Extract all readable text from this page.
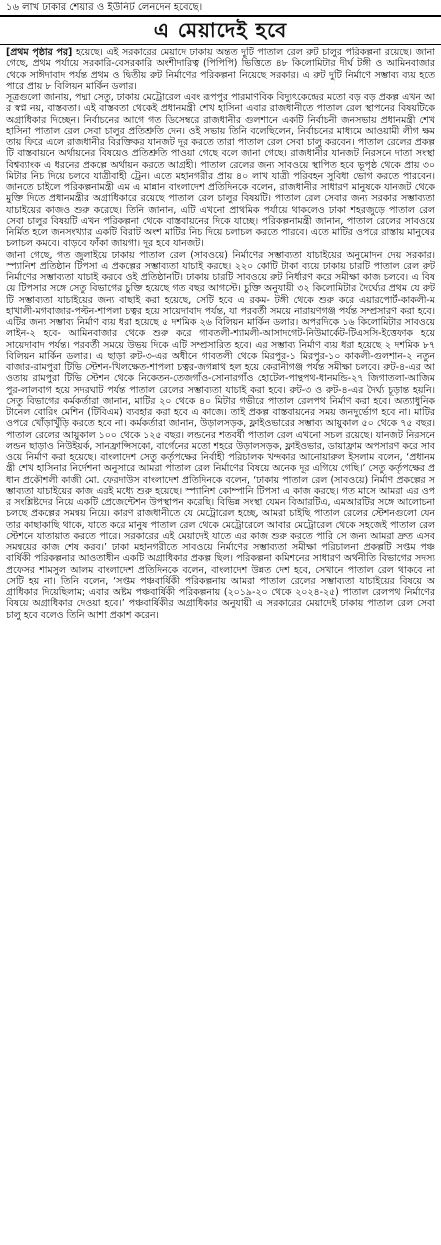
১৬ লাখ ঢাকার শেয়ার ও ইউনিট লেনদেন হবেছে।
এ মেয়াদেই হবে

[প্রথম পৃষ্ঠার পর] হয়েছে। এই সরকারের মেয়াদে ঢাকায় অন্তত দুটি পাতাল রেল রুট চালুর পরিকল্পনা রয়েছে। জানা গেছে, প্রথম পর্যায়ে সরকারি-বেসরকারি অংশীদারিত্ব (পিপিপি) ভিত্তিতে ৪৮ কিলোমিটার দীর্ঘ টঙ্গী ও আমিনবাজার থেকে সাঈদাবাদ পর্যন্ত প্রথম ও দ্বিতীয় রুট নির্মাণের পরিকল্পনা নিয়েছে সরকার। এ রুট দুটি নির্মাণে সম্ভাব্য ব্যয় হতে পারে প্রায় ৮ বিলিয়ন মার্কিন ডলার।

সূত্রগুলো জানায়, পদ্মা সেতু, ঢাকায় মেট্রোরেল এবং রূপপুর পারমাণবিক বিদ্যুৎকেন্দ্রের মতো বড় বড় প্রকল্প এখন আর স্বপ্ন নয়, বাস্তবতা। এই বাস্তবতা থেকেই প্রধানমন্ত্রী শেখ হাসিনা এবার রাজধানীতে পাতাল রেল স্থাপনের বিষয়টিকে অগ্রাধিকার দিচ্ছেন। নির্বাচনের আগে গত ডিসেম্বরে রাজধানীর গুলশানে একটি নির্বাচনী জনসভায় প্রধানমন্ত্রী শেখ হাসিনা পাতাল রেল সেবা চালুর প্রতিশ্রুতি দেন। ওই সভায় তিনি বলেছিলেন, নির্বাচনের মাধ্যমে আওয়ামী লীগ ক্ষমতায় ফিরে এলে রাজধানীর বিরক্তিকর যানজট দূর করতে তারা পাতাল রেল সেবা চালু করবেন। পাতাল রেলের প্রকল্পটি বাস্তবায়নে অর্থায়নের বিষয়েও প্রতিশ্রুতি পাওয়া গেছে বলে জানা গেছে। রাজধানীর যানজট নিরসনে দাতা সংস্থা বিশ্বব্যাংক এ ধরনের প্রকল্পে অর্থায়ন করতে আগ্রহী। পাতাল রেলের জন্য সাবওয়ে স্থাপিত হবে ভূপৃষ্ঠ থেকে প্রায় ৩০ মিটার নিচ দিয়ে চলবে যাত্রীবাহী ট্রেন। এতে মহানগরীর প্রায় ৪০ লাখ যাত্রী পরিবহন সুবিধা ভোগ করতে পারবেন। জানতে চাইলে পরিকল্পনামন্ত্রী এম এ মান্নান বাংলাদেশ প্রতিদিনকে বলেন, রাজধানীর সাধারণ মানুষকে যানজট থেকে মুক্তি দিতে প্রধানমন্ত্রীর অগ্রাধিকারে রয়েছে পাতাল রেল চালুর বিষয়টি। পাতাল রেল সেবার জন্য সরকার সম্ভাব্যতা যাচাইয়ের কাজও শুরু করেছে। তিনি জানান, এটি এখনো প্রাথমিক পর্যায়ে থাকলেও ঢাকা শহরজুড়ে পাতাল রেল সেবা চালুর বিষয়টি এখন পরিকল্পনা থেকে বাস্তবায়নের দিকে যাচ্ছে। পরিকল্পনামন্ত্রী জানান, পাতাল রেলের সাবওয়ে নির্মিত হলে জনসংখ্যার একটি বিরাট অংশ মাটির নিচ দিয়ে চলাচল করতে পারবে। এতে মাটির ওপরে রাস্তায় মানুষের চলাচল কমবে। বাড়বে ফাঁকা জায়গা। দূর হবে যানজট।

জানা গেছে, গত জুলাইয়ে ঢাকায় পাতাল রেল (সাবওয়ে) নির্মাণের সম্ভাব্যতা যাচাইয়ের অনুমোদন দেয় সরকার। স্প্যানিশ প্রতিষ্ঠান টিপসা এ প্রকল্পের সম্ভাব্যতা যাচাই করছে। ২২০ কোটি টাকা ব্যয়ে ঢাকায় চারটি পাতাল রেল রুট নির্মাণের সম্ভাব্যতা যাচাই করবে ওই প্রতিষ্ঠানটি। ঢাকায় চারটি সাবওয়ে রুট নির্ধারণ করে সমীক্ষা কাজ চলবে। এ বিষয়ে টিপসার সঙ্গে সেতু বিভাগের চুক্তি হয়েছে গত বছর আগস্টে। চুক্তি অনুযায়ী ৩২ কিলোমিটার দৈর্ঘ্যের প্রথম যে রুটটি সম্ভাব্যতা যাচাইয়ের জন্য বাছাই করা হয়েছে, সেটি হবে এ রকম- টঙ্গী থেকে শুরু করে এয়ারপোর্ট-কাকলী-মহাখালী-মগবাজার-পল্টন-শাপলা চত্বর হয়ে সায়েদাবাদ পর্যন্ত, যা পরবর্তী সময়ে নারায়ণগঞ্জ পর্যন্ত সম্প্রসারণ করা হবে। এটির জন্য সম্ভাব্য নির্মাণ ব্যয় ধরা হয়েছে ৫ দশমিক ২৬ বিলিয়ন মার্কিন ডলার। অপরদিকে ১৬ কিলোমিটার সাবওয়ে লাইন-২ হবে- আমিনবাজার থেকে শুরু করে গাবতলী-শ্যামলী-আসাদগেট-নিউমার্কেট-টিএসসি-ইত্তেফাক হয়ে সায়েদাবাদ পর্যন্ত। পরবর্তী সময়ে উভয় দিকে এটি সম্প্রসারিত হবে। এর সম্ভাব্য নির্মাণ ব্যয় ধরা হয়েছে ২ দশমিক ৮৭ বিলিয়ন মার্কিন ডলার। এ ছাড়া রুট-৩-এর অধীনে গাবতলী থেকে মিরপুর-১ মিরপুর-১০ কাকলী-গুলশান-২ নতুনবাজার-রামপুরা টিভি স্টেশন-খিলক্ষেত-শাপলা চত্বর-জগন্নাথ হল হয়ে কেরানীগঞ্জ পর্যন্ত সমীক্ষা চলবে। রুট-৪-এর আওতায় রামপুরা টিভি স্টেশন থেকে নিকেতন-তেজগাঁও-সোনারগাঁও হোটেল-পান্থপথ-ধানমন্ডি-২৭ জিগাতলা-আজিমপুর-লালবাগ হয়ে সদরঘাট পর্যন্ত পাতাল রেলের সম্ভাব্যতা যাচাই করা হবে। রুট-৩ ও রুট-৪-এর দৈর্ঘ্য চূড়ান্ত হয়নি। সেতু বিভাগের কর্মকর্তারা জানান, মাটির ২০ থেকে ৪০ মিটার গভীরে পাতাল রেলপথ নির্মাণ করা হবে। অত্যাধুনিক টানেল বোরিং মেশিন (টিবিএম) ব্যবহার করা হবে এ কাজে। তাই প্রকল্প বাস্তবায়নের সময় জনদুর্ভোগ হবে না। মাটির ওপরে খোঁড়াখুঁড়ি করতে হবে না। কর্মকর্তারা জানান, উড়ালসড়ক, ফ্লাইওভারের সম্ভাব্য আয়ুকাল ৫০ থেকে ৭৫ বছর। পাতাল রেলের আয়ুকাল ১০০ থেকে ১২৫ বছর। লন্ডনের শতবর্ষী পাতাল রেল এখনো সচল রয়েছে। যানজট নিরসনে লন্ডন ছাড়াও নিউইয়র্ক, সানফ্রান্সিসকো, বার্গেনের মতো শহরে উড়ালসড়ক, ফ্লাইওভার, ডায়াফ্রাম অপসারণ করে সাবওয়ে নির্মাণ করা হয়েছে। বাংলাদেশ সেতু কর্তৃপক্ষের নির্বাহী পরিচালক খন্দকার আনোয়ারুল ইসলাম বলেন, ‘প্রধানমন্ত্রী শেখ হাসিনার নির্দেশনা অনুসারে আমরা পাতাল রেল নির্মাণের বিষয়ে অনেক দূর এগিয়ে গেছি।’ সেতু কর্তৃপক্ষের প্রধান প্রকৌশলী কাজী মো. ফেরদাউস বাংলাদেশ প্রতিদিনকে বলেন, ‘ঢাকায় পাতাল রেল (সাবওয়ে) নির্মাণ প্রকল্পের সম্ভাব্যতা যাচাইয়ের কাজ এরই মধ্যে শুরু হয়েছে। স্প্যানিশ কোম্পানি টিপসা এ কাজ করছে। গত মাসে আমরা এর ওপর সংশ্লিষ্টদের নিয়ে একটি প্রেজেন্টেশন উপস্থাপন করেছি। বিভিন্ন সংস্থা যেমন বিআরটিএ, এমআরটির সঙ্গে আলোচনা চলছে প্রকল্পের সমন্বয় নিয়ে। কারণ রাজধানীতে যে মেট্রোরেল হচ্ছে, আমরা চাইছি পাতাল রেলের স্টেশনগুলো যেন তার কাছাকাছি থাকে, যাতে করে মানুষ পাতাল রেল থেকে মেট্রোরেলে আবার মেট্রোরেল থেকে সহজেই পাতাল রেল স্টেশনে যাতায়াত করতে পারে। সরকারের এই মেয়াদেই যাতে এর কাজ শুরু করতে পারি সে জন্য আমরা দ্রুত এসব সমন্বয়ের কাজ শেষ করব।’ ঢাকা মহানগরীতে সাবওয়ে নির্মাণের সম্ভাব্যতা সমীক্ষা পরিচালনা প্রকল্পটি সপ্তম পঞ্চবার্ষিকী পরিকল্পনার আওতাধীন একটি অগ্রাধিকার প্রকল্প ছিল। পরিকল্পনা কমিশনের সাধারণ অর্থনীতি বিভাগের সদস্য প্রফেসর শামসুল আলম বাংলাদেশ প্রতিদিনকে বলেন, বাংলাদেশ উন্নত দেশ হবে, সেখানে পাতাল রেল থাকবে না সেটি হয় না। তিনি বলেন, ‘সপ্তম পঞ্চবার্ষিকী পরিকল্পনায় আমরা পাতাল রেলের সম্ভাব্যতা যাচাইয়ের বিষয়ে অগ্রাধিকার দিয়েছিলাম; এবার অষ্টম পঞ্চবার্ষিকী পরিকল্পনায় (২০১৯-২০ থেকে ২০২৪-২৫) পাতাল রেলপথ নির্মাণের বিষয়ে অগ্রাধিকার দেওয়া হবে।’ পঞ্চবার্ষিকীর অগ্রাধিকার অনুযায়ী এ সরকারের মেয়াদেই ঢাকায় পাতাল রেল সেবা চালু হবে বলেও তিনি আশা প্রকাশ করেন।
